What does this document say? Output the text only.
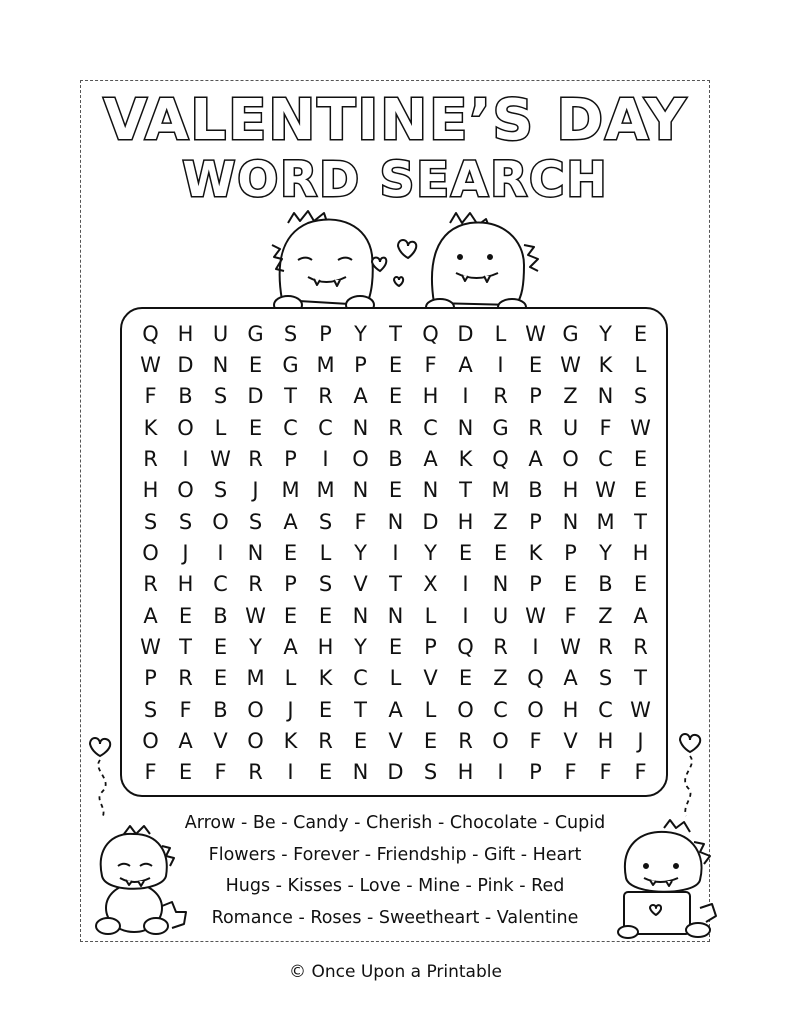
VALENTINE’S DAY
WORD SEARCH
Q H U G S	P	Y	T Q D	L W G Y	E
W D N E G M P	E	F	A	I	E W K	L
F	B	S D T	R A	E H	I	R	P	Z N S
K O L	E	C C N R C N G R U	F W
R	I	W R	P	I	O B A K Q A O C	E
H O S	J	M M N E N T M B H W E
S	S O S	A	S	F	N D H Z	P N M T
O	J	I	N E	L	Y	I	Y	E	E	K	P	Y H
R H C R	P	S	V	T	X	I	N P	E	B	E
A	E	B W E	E N N	L	I	U W F	Z A
W T	E	Y	A H Y	E	P Q R	I	W R R
P	R	E M L	K C	L	V	E	Z Q A	S	T
S	F	B O	J	E	T	A	L O C O H C W
O A V O K R	E	V	E	R O F	V H	J
F	E	F	R	I	E N D S H	I	P	F	F	F
Arrow - Be - Candy - Cherish - Chocolate - Cupid
Flowers - Forever - Friendship - Gift - Heart
Hugs - Kisses - Love - Mine - Pink - Red
Romance - Roses - Sweetheart - Valentine
© Once Upon a Printable
